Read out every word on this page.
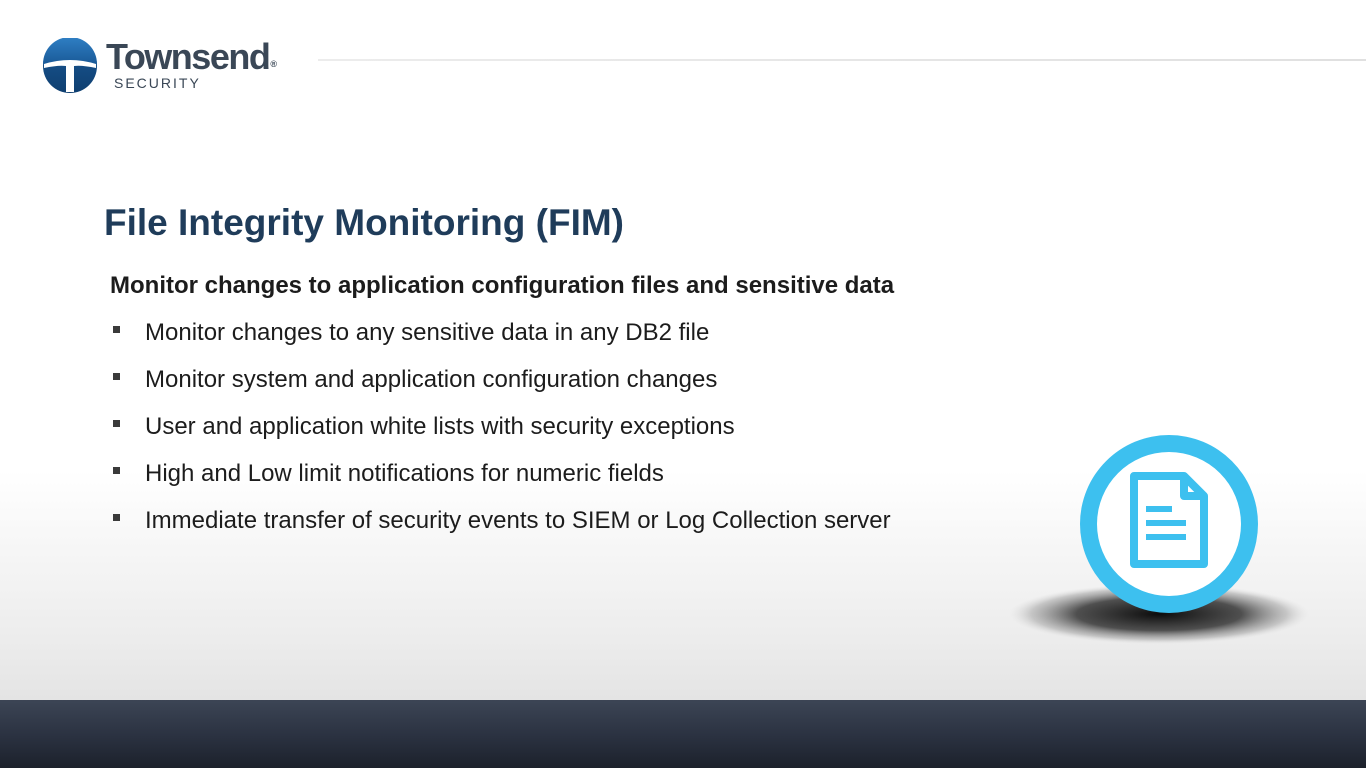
Townsend®
SECURITY
File Integrity Monitoring (FIM)

Monitor changes to application configuration files and sensitive data

Monitor changes to any sensitive data in any DB2 file
Monitor system and application configuration changes
User and application white lists with security exceptions
High and Low limit notifications for numeric fields
Immediate transfer of security events to SIEM or Log Collection server
